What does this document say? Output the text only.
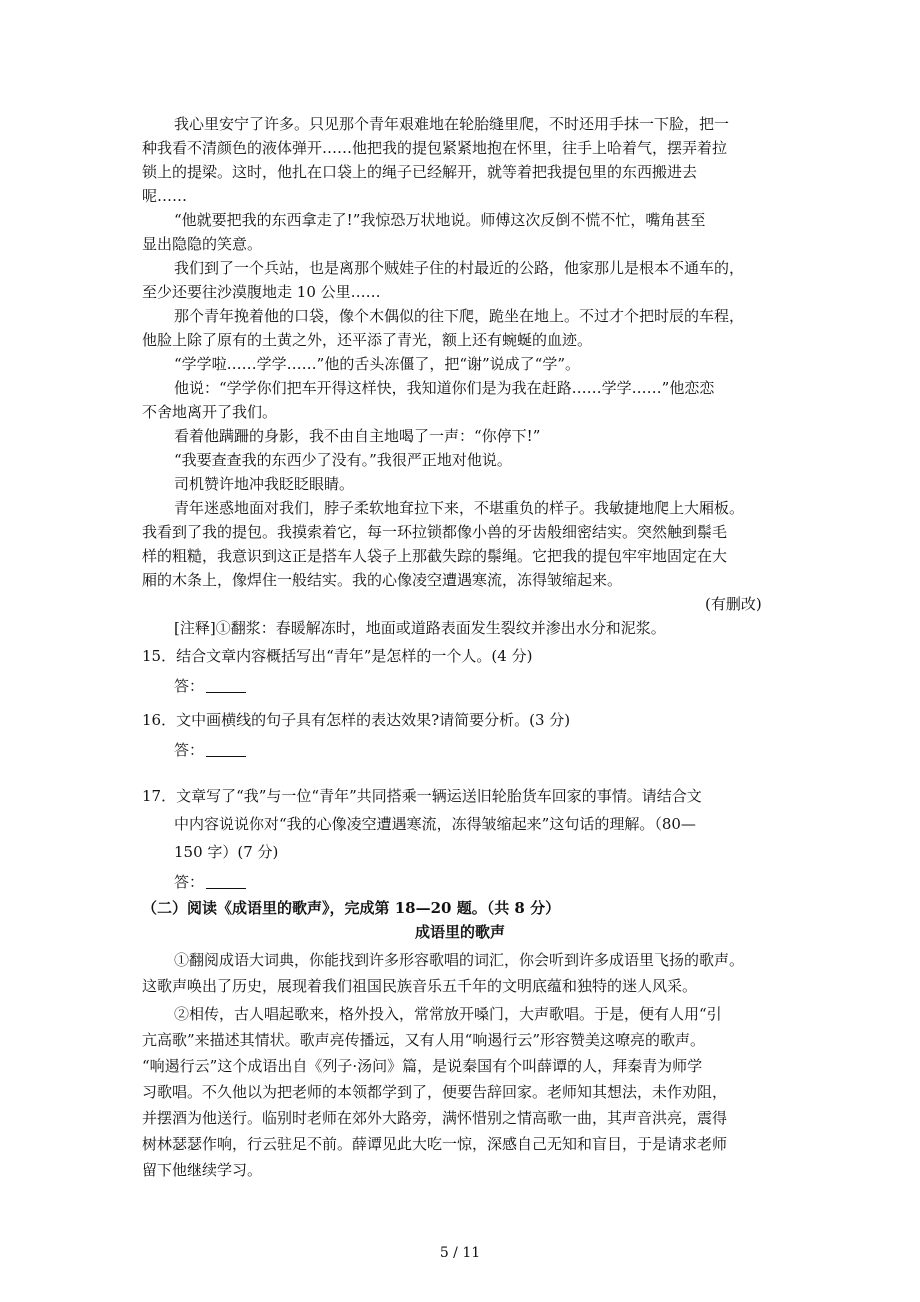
我心里安宁了许多。只见那个青年艰难地在轮胎缝里爬，不时还用手抹一下脸，把一
种我看不清颜色的液体弹开……他把我的提包紧紧地抱在怀里，往手上哈着气，摆弄着拉
锁上的提梁。这时，他扎在口袋上的绳子已经解开，就等着把我提包里的东西搬进去
呢……
“他就要把我的东西拿走了!”我惊恐万状地说。师傅这次反倒不慌不忙，嘴角甚至
显出隐隐的笑意。
我们到了一个兵站，也是离那个贼娃子住的村最近的公路，他家那儿是根本不通车的，
至少还要往沙漠腹地走 10 公里……
那个青年挽着他的口袋，像个木偶似的往下爬，跪坐在地上。不过才个把时辰的车程，
他脸上除了原有的土黄之外，还平添了青光，额上还有蜿蜒的血迹。
“学学啦……学学……”他的舌头冻僵了，把“谢”说成了“学”。
他说：“学学你们把车开得这样快，我知道你们是为我在赶路……学学……”他恋恋
不舍地离开了我们。
看着他蹒跚的身影，我不由自主地喝了一声：“你停下!”
“我要查查我的东西少了没有。”我很严正地对他说。
司机赞许地冲我眨眨眼睛。
青年迷惑地面对我们，脖子柔软地耷拉下来，不堪重负的样子。我敏捷地爬上大厢板。
我看到了我的提包。我摸索着它，每一环拉锁都像小兽的牙齿般细密结实。突然触到鬃毛
样的粗糙，我意识到这正是搭车人袋子上那截失踪的鬃绳。它把我的提包牢牢地固定在大
厢的木条上，像焊住一般结实。我的心像凌空遭遇寒流，冻得皱缩起来。
(有删改)
[注释]①翻浆：春暖解冻时，地面或道路表面发生裂纹并渗出水分和泥浆。
15．结合文章内容概括写出“青年”是怎样的一个人。(4 分)
答：
16．文中画横线的句子具有怎样的表达效果?请简要分析。(3 分)
答：
17．文章写了“我”与一位“青年”共同搭乘一辆运送旧轮胎货车回家的事情。请结合文
中内容说说你对“我的心像凌空遭遇寒流，冻得皱缩起来”这句话的理解。（80—
150 字）(7 分)
答：
（二）阅读《成语里的歌声》，完成第 18—20 题。（共 8 分）
成语里的歌声
①翻阅成语大词典，你能找到许多形容歌唱的词汇，你会听到许多成语里飞扬的歌声。
这歌声唤出了历史，展现着我们祖国民族音乐五千年的文明底蕴和独特的迷人风采。
②相传，古人唱起歌来，格外投入，常常放开嗓门，大声歌唱。于是，便有人用“引
亢高歌”来描述其情状。歌声亮传播远，又有人用“响遏行云”形容赞美这嘹亮的歌声。
“响遏行云”这个成语出自《列子·汤问》篇，是说秦国有个叫薛谭的人，拜秦青为师学
习歌唱。不久他以为把老师的本领都学到了，便要告辞回家。老师知其想法，未作劝阻，
并摆酒为他送行。临别时老师在郊外大路旁，满怀惜别之情高歌一曲，其声音洪亮，震得
树林瑟瑟作响，行云驻足不前。薛谭见此大吃一惊，深感自己无知和盲目，于是请求老师
留下他继续学习。
5 / 11
